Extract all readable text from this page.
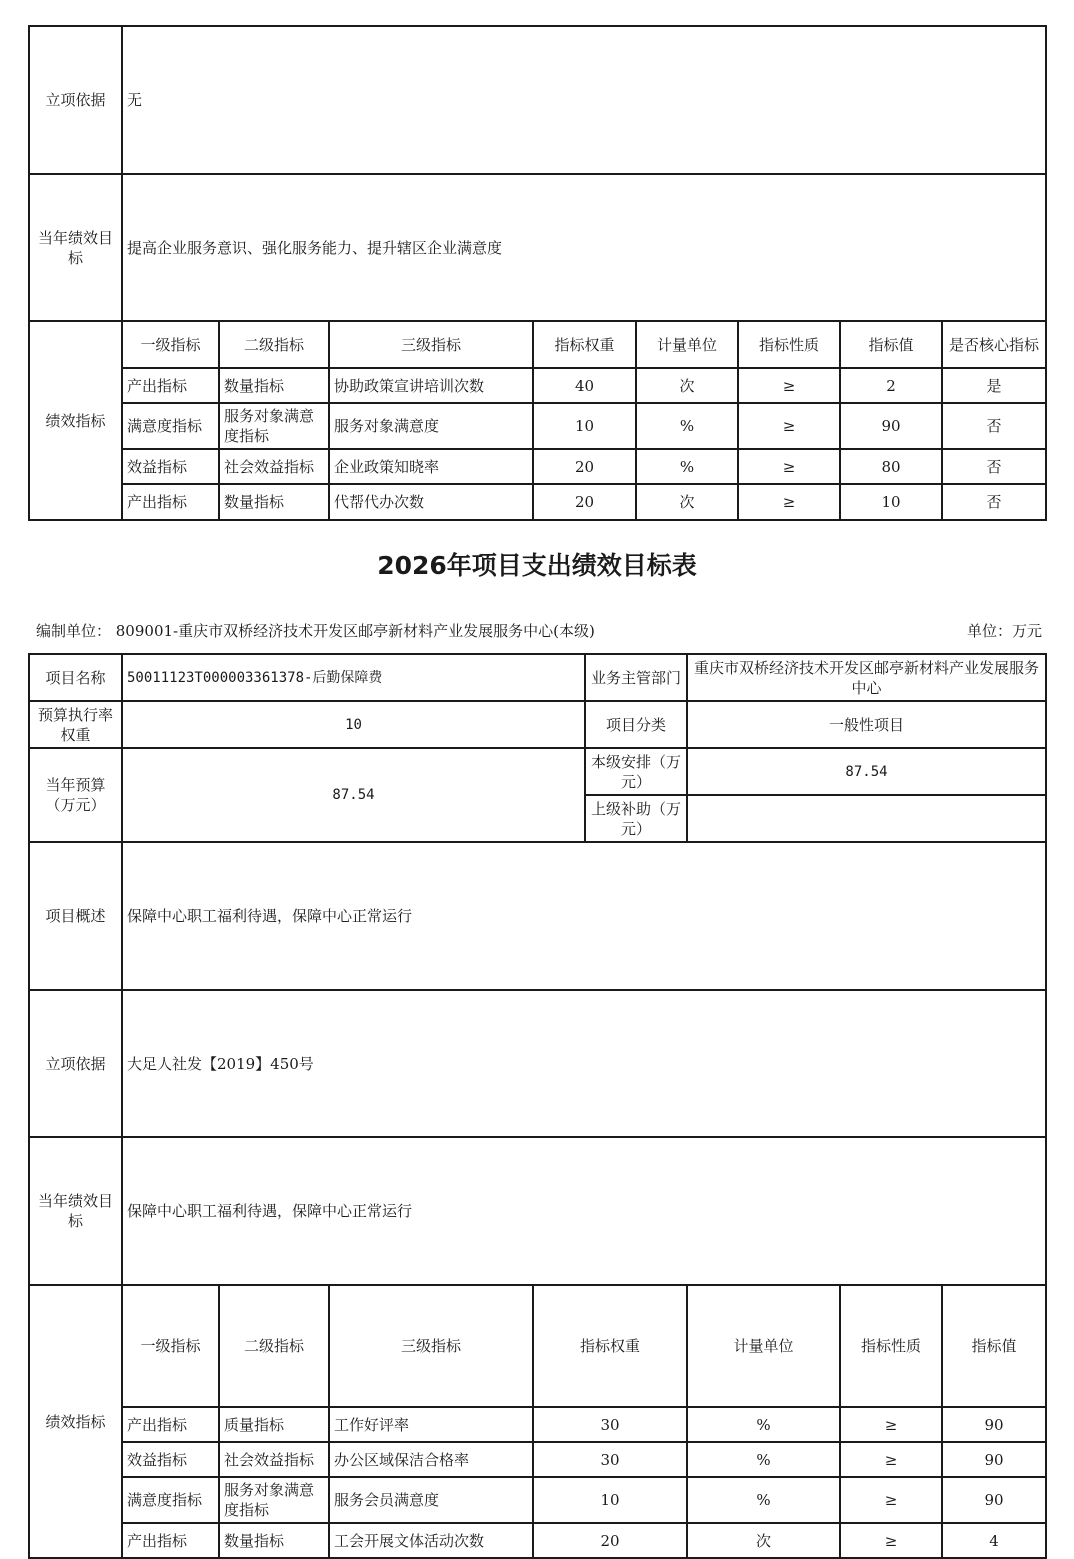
立项依据	无
当年绩效目标	提高企业服务意识、强化服务能力、提升辖区企业满意度
绩效指标	一级指标	二级指标	三级指标	指标权重	计量单位	指标性质	指标值	是否核心指标
产出指标	数量指标	协助政策宣讲培训次数	40	次	≥	2	是
满意度指标	服务对象满意度指标	服务对象满意度	10	%	≥	90	否
效益指标	社会效益指标	企业政策知晓率	20	%	≥	80	否
产出指标	数量指标	代帮代办次数	20	次	≥	10	否
2026年项目支出绩效目标表
编制单位： 809001-重庆市双桥经济技术开发区邮亭新材料产业发展服务中心(本级)	单位：万元
项目名称	50011123T000003361378-后勤保障费	业务主管部门	重庆市双桥经济技术开发区邮亭新材料产业发展服务中心
预算执行率权重	10	项目分类	一般性项目
当年预算（万元）	87.54	本级安排（万元）	87.54
上级补助（万元）	
项目概述	保障中心职工福利待遇，保障中心正常运行
立项依据	大足人社发【2019】450号
当年绩效目标	保障中心职工福利待遇，保障中心正常运行
绩效指标	一级指标	二级指标	三级指标	指标权重	计量单位	指标性质	指标值	
产出指标	质量指标	工作好评率	30	%	≥	90	
效益指标	社会效益指标	办公区域保洁合格率	30	%	≥	90	
满意度指标	服务对象满意度指标	服务会员满意度	10	%	≥	90	
产出指标	数量指标	工会开展文体活动次数	20	次	≥	4	
